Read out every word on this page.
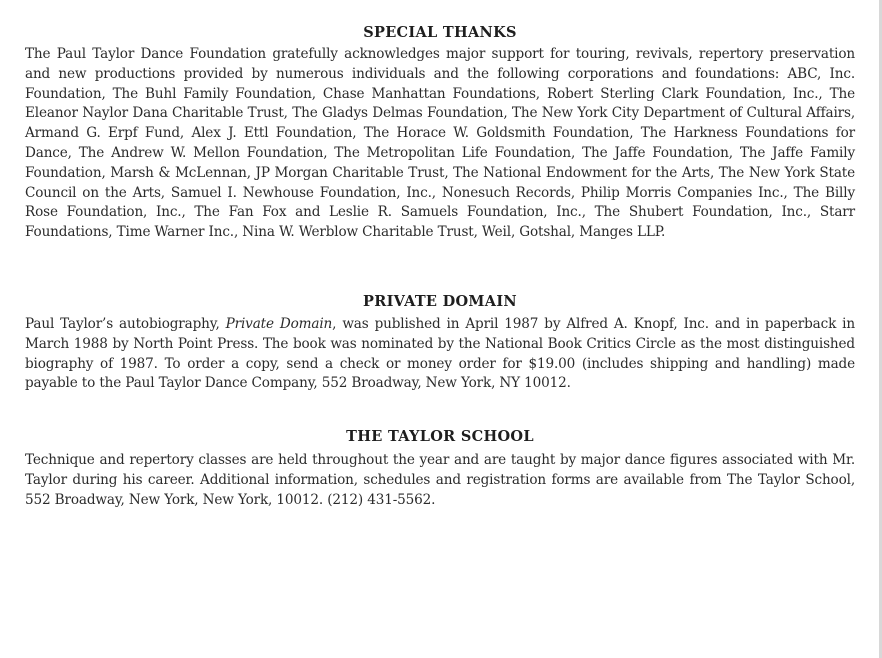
SPECIAL THANKS

The Paul Taylor Dance Foundation gratefully acknowledges major support for touring, revivals, repertory preservation and new productions provided by numerous individuals and the following corporations and foundations: ABC, Inc. Foundation, The Buhl Family Foundation, Chase Manhattan Foundations, Robert Sterling Clark Foundation, Inc., The Eleanor Naylor Dana Charitable Trust, The Gladys Delmas Foundation, The New York City Department of Cultural Affairs, Armand G. Erpf Fund, Alex J. Ettl Foundation, The Horace W. Goldsmith Foundation, The Harkness Foundations for Dance, The Andrew W. Mellon Foundation, The Metropolitan Life Foundation, The Jaffe Foundation, The Jaffe Family Foundation, Marsh & McLennan, JP Morgan Charitable Trust, The National Endowment for the Arts, The New York State Council on the Arts, Samuel I. Newhouse Foundation, Inc., Nonesuch Records, Philip Morris Companies Inc., The Billy Rose Foundation, Inc., The Fan Fox and Leslie R. Samuels Foundation, Inc., The Shubert Foundation, Inc., Starr Foundations, Time Warner Inc., Nina W. Werblow Charitable Trust, Weil, Gotshal, Manges LLP.

PRIVATE DOMAIN

Paul Taylor’s autobiography, Private Domain, was published in April 1987 by Alfred A. Knopf, Inc. and in paperback in March 1988 by North Point Press. The book was nominated by the National Book Critics Circle as the most distinguished biography of 1987. To order a copy, send a check or money order for $19.00 (includes shipping and handling) made payable to the Paul Taylor Dance Company, 552 Broadway, New York, NY 10012.

THE TAYLOR SCHOOL

Technique and repertory classes are held throughout the year and are taught by major dance figures associated with Mr. Taylor during his career. Additional information, schedules and registration forms are available from The Taylor School, 552 Broadway, New York, New York, 10012. (212) 431-5562.
